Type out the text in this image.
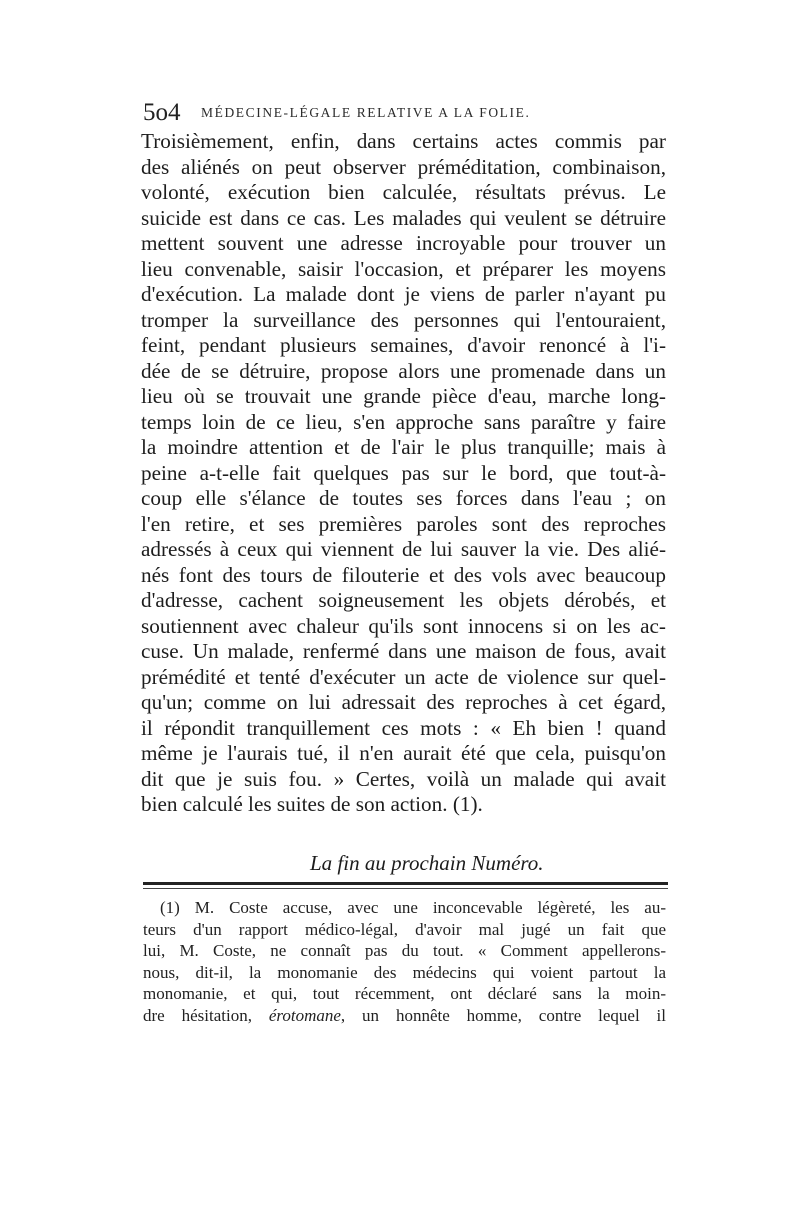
5o4 MÉDECINE-LÉGALE RELATIVE A LA FOLIE.
Troisièmement, enfin, dans certains actes commis par
des aliénés on peut observer préméditation, combinaison,
volonté, exécution bien calculée, résultats prévus. Le
suicide est dans ce cas. Les malades qui veulent se détruire
mettent souvent une adresse incroyable pour trouver un
lieu convenable, saisir l'occasion, et préparer les moyens
d'exécution. La malade dont je viens de parler n'ayant pu
tromper la surveillance des personnes qui l'entouraient,
feint, pendant plusieurs semaines, d'avoir renoncé à l'i-
dée de se détruire, propose alors une promenade dans un
lieu où se trouvait une grande pièce d'eau, marche long-
temps loin de ce lieu, s'en approche sans paraître y faire
la moindre attention et de l'air le plus tranquille; mais à
peine a-t-elle fait quelques pas sur le bord, que tout-à-
coup elle s'élance de toutes ses forces dans l'eau ; on
l'en retire, et ses premières paroles sont des reproches
adressés à ceux qui viennent de lui sauver la vie. Des alié-
nés font des tours de filouterie et des vols avec beaucoup
d'adresse, cachent soigneusement les objets dérobés, et
soutiennent avec chaleur qu'ils sont innocens si on les ac-
cuse. Un malade, renfermé dans une maison de fous, avait
prémédité et tenté d'exécuter un acte de violence sur quel-
qu'un; comme on lui adressait des reproches à cet égard,
il répondit tranquillement ces mots : « Eh bien ! quand
même je l'aurais tué, il n'en aurait été que cela, puisqu'on
dit que je suis fou. » Certes, voilà un malade qui avait
bien calculé les suites de son action. (1).
La fin au prochain Numéro.
(1) M. Coste accuse, avec une inconcevable légèreté, les au-
teurs d'un rapport médico-légal, d'avoir mal jugé un fait que
lui, M. Coste, ne connaît pas du tout. « Comment appellerons-
nous, dit-il, la monomanie des médecins qui voient partout la
monomanie, et qui, tout récemment, ont déclaré sans la moin-
dre hésitation, érotomane, un honnête homme, contre lequel il
